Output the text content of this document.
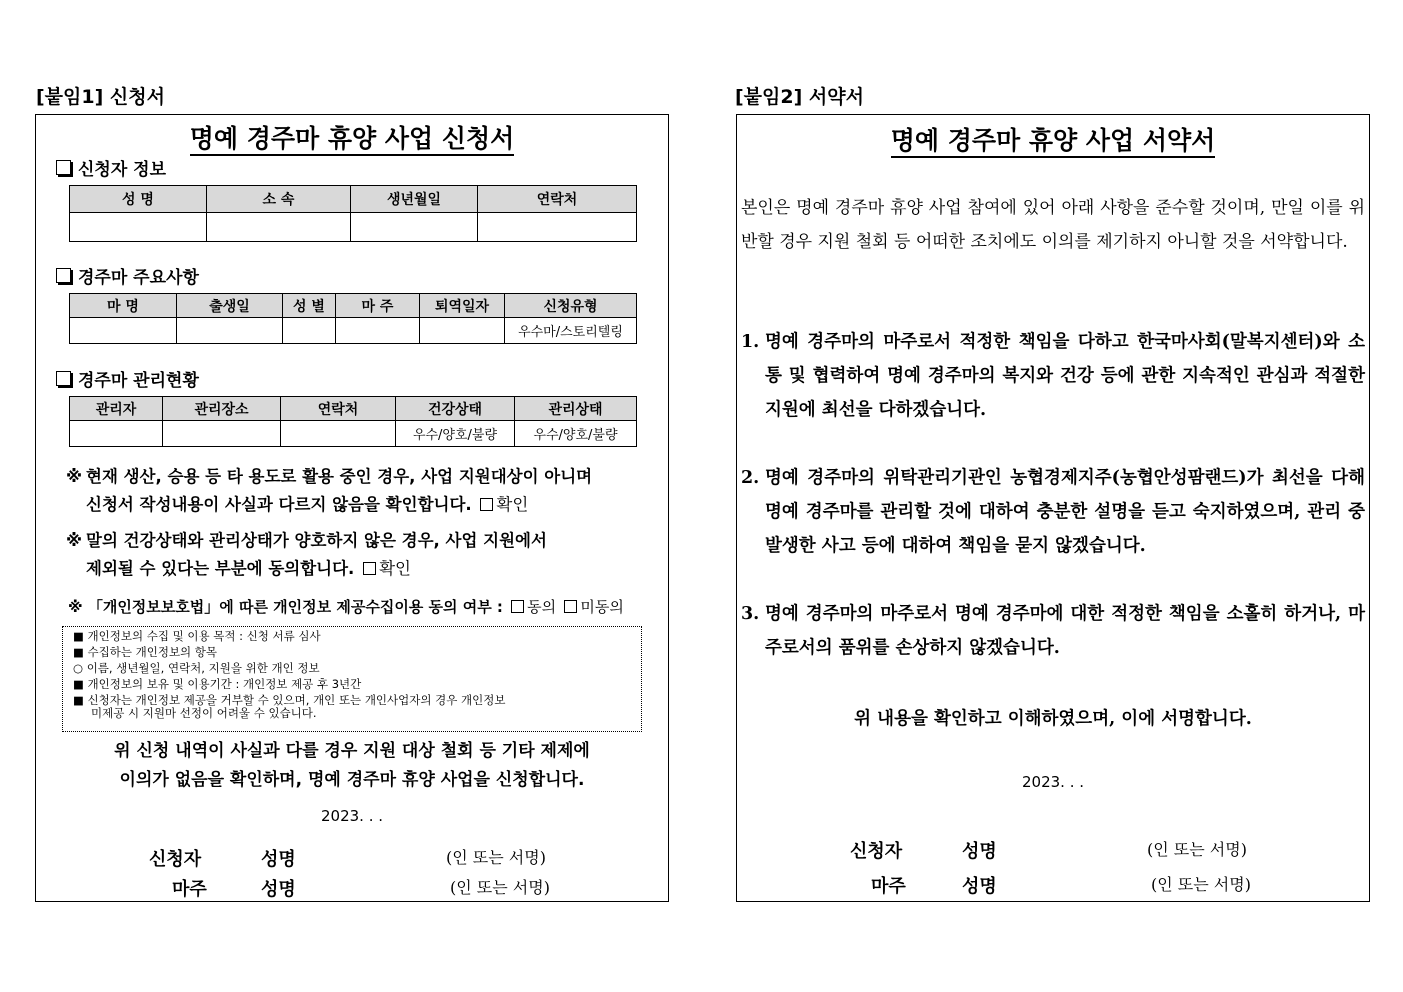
[붙임1] 신청서
명예 경주마 휴양 사업 신청서
신청자 정보
성 명	소 속	생년월일	연락처

경주마 주요사항
마 명	출생일	성 별	마 주	퇴역일자	신청유형
					우수마/스토리텔링
경주마 관리현황
관리자	관리장소	연락처	건강상태	관리상태
			우수/양호/불량	우수/양호/불량
※ 현재 생산, 승용 등 타 용도로 활용 중인 경우, 사업 지원대상이 아니며
신청서 작성내용이 사실과 다르지 않음을 확인합니다. 확인
※ 말의 건강상태와 관리상태가 양호하지 않은 경우, 사업 지원에서
제외될 수 있다는 부분에 동의합니다. 확인
※ 「개인정보보호법」에 따른 개인정보 제공수집이용 동의 여부 : 동의 미동의
■ 개인정보의 수집 및 이용 목적 : 신청 서류 심사
■ 수집하는 개인정보의 항목
○ 이름, 생년월일, 연락처, 지원을 위한 개인 정보
■ 개인정보의 보유 및 이용기간 : 개인정보 제공 후 3년간
■ 신청자는 개인정보 제공을 거부할 수 있으며, 개인 또는 개인사업자의 경우 개인정보
미제공 시 지원마 선정이 어려울 수 있습니다.
위 신청 내역이 사실과 다를 경우 지원 대상 철회 등 기타 제제에
이의가 없음을 확인하며, 명예 경주마 휴양 사업을 신청합니다.
2023. . .
신청자	성명	(인 또는 서명)
마주	성명	(인 또는 서명)
[붙임2] 서약서
명예 경주마 휴양 사업 서약서
본인은 명예 경주마 휴양 사업 참여에 있어 아래 사항을 준수할 것이며, 만일 이를 위반할 경우 지원 철회 등 어떠한 조치에도 이의를 제기하지 아니할 것을 서약합니다.
1. 명예 경주마의 마주로서 적정한 책임을 다하고 한국마사회(말복지센터)와 소통 및 협력하여 명예 경주마의 복지와 건강 등에 관한 지속적인 관심과 적절한 지원에 최선을 다하겠습니다.
2. 명예 경주마의 위탁관리기관인 농협경제지주(농협안성팜랜드)가 최선을 다해 명예 경주마를 관리할 것에 대하여 충분한 설명을 듣고 숙지하였으며, 관리 중 발생한 사고 등에 대하여 책임을 묻지 않겠습니다.
3. 명예 경주마의 마주로서 명예 경주마에 대한 적정한 책임을 소홀히 하거나, 마주로서의 품위를 손상하지 않겠습니다.
위 내용을 확인하고 이해하였으며, 이에 서명합니다.
2023. . .
신청자	성명	(인 또는 서명)
마주	성명	(인 또는 서명)
